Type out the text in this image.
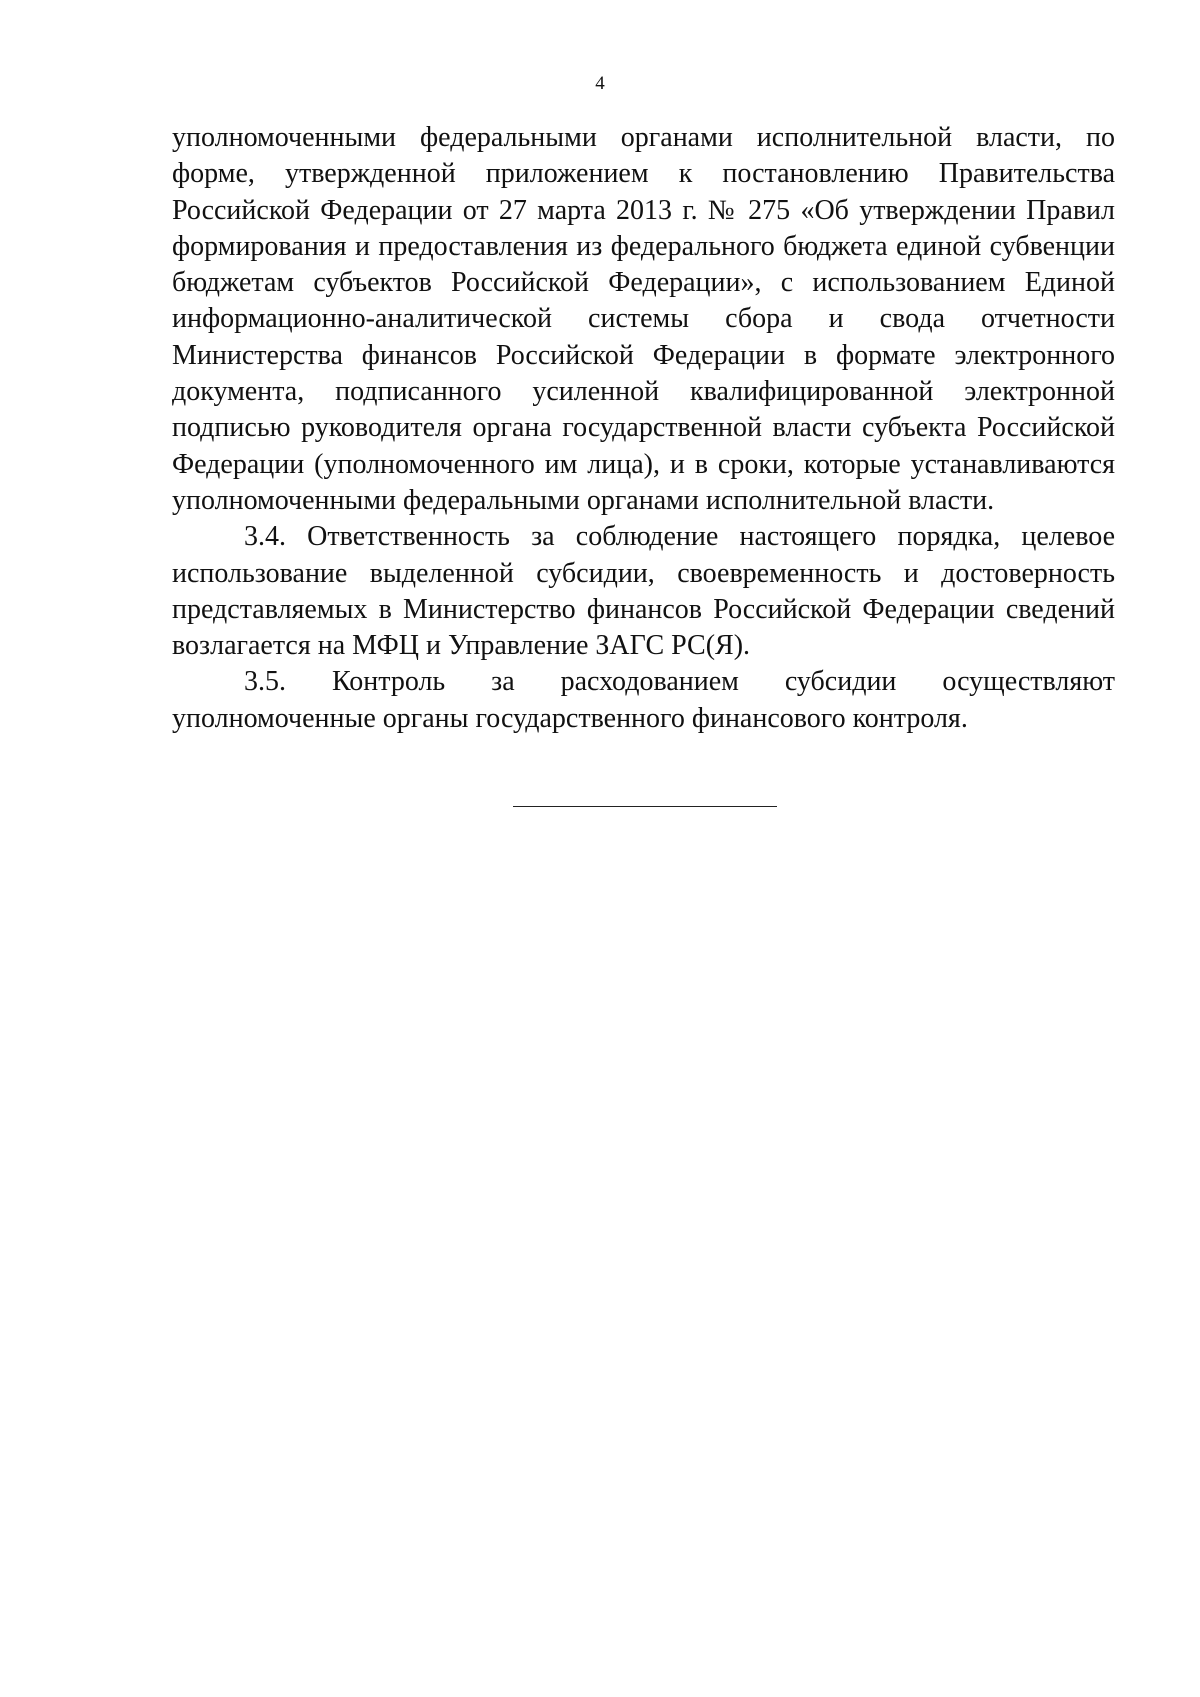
4

уполномоченными федеральными органами исполнительной власти, по форме, утвержденной приложением к постановлению Правительства Российской Федерации от 27 марта 2013 г. № 275 «Об утверждении Правил формирования и предоставления из федерального бюджета единой субвенции бюджетам субъектов Российской Федерации», с использованием Единой информационно-аналитической системы сбора и свода отчетности Министерства финансов Российской Федерации в формате электронного документа, подписанного усиленной квалифицированной электронной подписью руководителя органа государственной власти субъекта Российской Федерации (уполномоченного им лица), и в сроки, которые устанавливаются уполномоченными федеральными органами исполнительной власти.

3.4. Ответственность за соблюдение настоящего порядка, целевое использование выделенной субсидии, своевременность и достоверность представляемых в Министерство финансов Российской Федерации сведений возлагается на МФЦ и Управление ЗАГС РС(Я).

3.5. Контроль за расходованием субсидии осуществляют уполномоченные органы государственного финансового контроля.
